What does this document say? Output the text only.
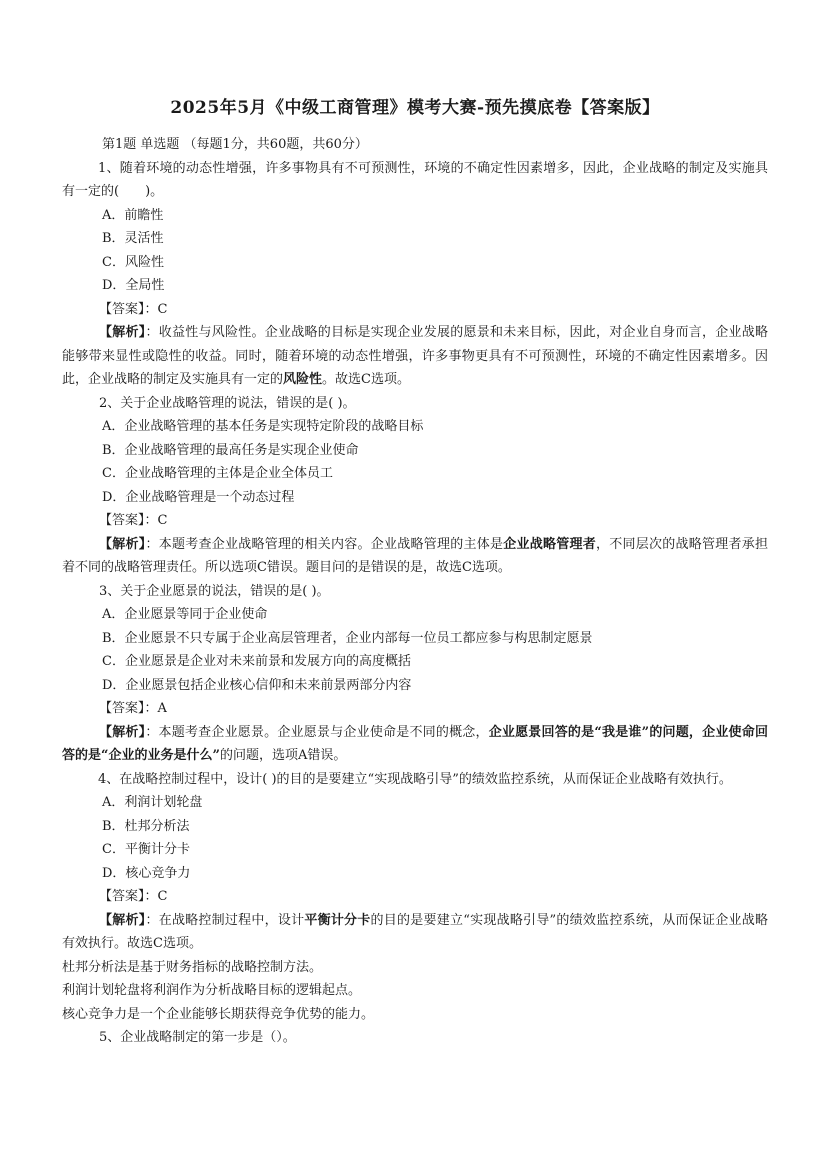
2025年5月《中级工商管理》模考大赛-预先摸底卷【答案版】
第1题 单选题 （每题1分，共60题，共60分）
1、随着环境的动态性增强，许多事物具有不可预测性，环境的不确定性因素增多，因此，企业战略的制定及实施具有一定的(　　)。
A．前瞻性
B．灵活性
C．风险性
D．全局性
【答案】：C
【解析】：收益性与风险性。企业战略的目标是实现企业发展的愿景和未来目标，因此，对企业自身而言，企业战略能够带来显性或隐性的收益。同时，随着环境的动态性增强，许多事物更具有不可预测性，环境的不确定性因素增多。因此，企业战略的制定及实施具有一定的风险性。故选C选项。
2、关于企业战略管理的说法，错误的是( )。
A．企业战略管理的基本任务是实现特定阶段的战略目标
B．企业战略管理的最高任务是实现企业使命
C．企业战略管理的主体是企业全体员工
D．企业战略管理是一个动态过程
【答案】：C
【解析】：本题考查企业战略管理的相关内容。企业战略管理的主体是企业战略管理者，不同层次的战略管理者承担着不同的战略管理责任。所以选项C错误。题目问的是错误的是，故选C选项。
3、关于企业愿景的说法，错误的是( )。
A．企业愿景等同于企业使命
B．企业愿景不只专属于企业高层管理者，企业内部每一位员工都应参与构思制定愿景
C．企业愿景是企业对未来前景和发展方向的高度概括
D．企业愿景包括企业核心信仰和未来前景两部分内容
【答案】：A
【解析】：本题考查企业愿景。企业愿景与企业使命是不同的概念，企业愿景回答的是“我是谁”的问题，企业使命回答的是“企业的业务是什么”的问题，选项A错误。
4、在战略控制过程中，设计( )的目的是要建立“实现战略引导”的绩效监控系统，从而保证企业战略有效执行。
A．利润计划轮盘
B．杜邦分析法
C．平衡计分卡
D．核心竞争力
【答案】：C
【解析】：在战略控制过程中，设计平衡计分卡的目的是要建立“实现战略引导”的绩效监控系统，从而保证企业战略有效执行。故选C选项。
杜邦分析法是基于财务指标的战略控制方法。
利润计划轮盘将利润作为分析战略目标的逻辑起点。
核心竞争力是一个企业能够长期获得竞争优势的能力。
5、企业战略制定的第一步是（）。
